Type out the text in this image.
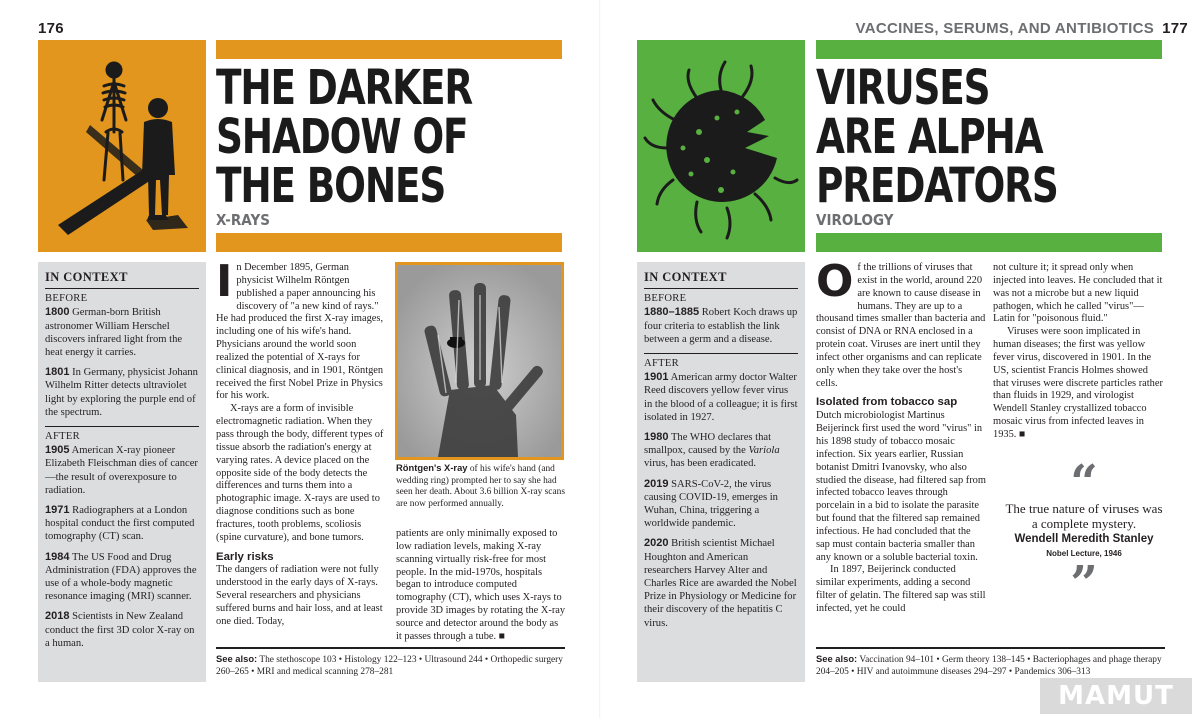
176
THE DARKER
SHADOW OF
THE BONES
X-RAYS
IN CONTEXT
BEFORE
1800 German-born British astronomer William Herschel discovers infrared light from the heat energy it carries.
1801 In Germany, physicist Johann Wilhelm Ritter detects ultraviolet light by exploring the purple end of the spectrum.
AFTER
1905 American X-ray pioneer Elizabeth Fleischman dies of cancer—the result of overexposure to radiation.
1971 Radiographers at a London hospital conduct the first computed tomography (CT) scan.
1984 The US Food and Drug Administration (FDA) approves the use of a whole-body magnetic resonance imaging (MRI) scanner.
2018 Scientists in New Zealand conduct the first 3D color X-ray on a human.

In December 1895, German physicist Wilhelm Röntgen published a paper announcing his discovery of "a new kind of rays." He had produced the first X-ray images, including one of his wife's hand. Physicians around the world soon realized the potential of X-rays for clinical diagnosis, and in 1901, Röntgen received the first Nobel Prize in Physics for his work.

X-rays are a form of invisible electromagnetic radiation. When they pass through the body, different types of tissue absorb the radiation's energy at varying rates. A device placed on the opposite side of the body detects the differences and turns them into a photographic image. X-rays are used to diagnose conditions such as bone fractures, tooth problems, scoliosis (spine curvature), and bone tumors.

Early risks

The dangers of radiation were not fully understood in the early days of X-rays. Several researchers and physicians suffered burns and hair loss, and at least one died. Today,

Röntgen's X-ray of his wife's hand (and wedding ring) prompted her to say she had seen her death. About 3.6 billion X-ray scans are now performed annually.

patients are only minimally exposed to low radiation levels, making X-ray scanning virtually risk-free for most people. In the mid-1970s, hospitals began to introduce computed tomography (CT), which uses X-rays to provide 3D images by rotating the X-ray source and detector around the body as it passes through a tube. ■

See also: The stethoscope 103 • Histology 122–123 • Ultrasound 244 • Orthopedic surgery 260–265 • MRI and medical scanning 278–281
VACCINES, SERUMS, AND ANTIBIOTICS 177
VIRUSES
ARE ALPHA
PREDATORS
VIROLOGY
IN CONTEXT
BEFORE
1880–1885 Robert Koch draws up four criteria to establish the link between a germ and a disease.
AFTER
1901 American army doctor Walter Reed discovers yellow fever virus in the blood of a colleague; it is first isolated in 1927.
1980 The WHO declares that smallpox, caused by the Variola virus, has been eradicated.
2019 SARS-CoV-2, the virus causing COVID-19, emerges in Wuhan, China, triggering a worldwide pandemic.
2020 British scientist Michael Houghton and American researchers Harvey Alter and Charles Rice are awarded the Nobel Prize in Physiology or Medicine for their discovery of the hepatitis C virus.

Of the trillions of viruses that exist in the world, around 220 are known to cause disease in humans. They are up to a thousand times smaller than bacteria and consist of DNA or RNA enclosed in a protein coat. Viruses are inert until they infect other organisms and can replicate only when they take over the host's cells.

Isolated from tobacco sap

Dutch microbiologist Martinus Beijerinck first used the word "virus" in his 1898 study of tobacco mosaic infection. Six years earlier, Russian botanist Dmitri Ivanovsky, who also studied the disease, had filtered sap from infected tobacco leaves through porcelain in a bid to isolate the parasite but found that the filtered sap remained infectious. He had concluded that the sap must contain bacteria smaller than any known or a soluble bacterial toxin.

In 1897, Beijerinck conducted similar experiments, adding a second filter of gelatin. The filtered sap was still infected, yet he could

not culture it; it spread only when injected into leaves. He concluded that it was not a microbe but a new liquid pathogen, which he called "virus"—Latin for "poisonous fluid."

Viruses were soon implicated in human diseases; the first was yellow fever virus, discovered in 1901. In the US, scientist Francis Holmes showed that viruses were discrete particles rather than fluids in 1929, and virologist Wendell Stanley crystallized tobacco mosaic virus from infected leaves in 1935. ■

“
The true nature of viruses was a complete mystery.
Wendell Meredith Stanley
Nobel Lecture, 1946
”
See also: Vaccination 94–101 • Germ theory 138–145 • Bacteriophages and phage therapy 204–205 • HIV and autoimmune diseases 294–297 • Pandemics 306–313
MAMUT
